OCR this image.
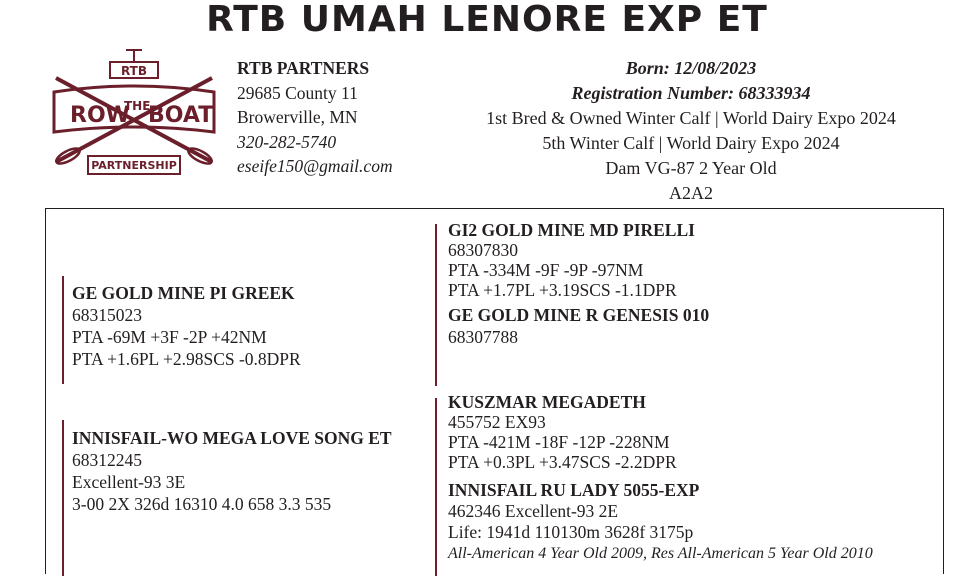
RTB UMAH LENORE EXP ET
RTB
ROW
THE
BOAT
PARTNERSHIP
RTB PARTNERS
29685 County 11
Browerville, MN
320-282-5740
eseife150@gmail.com
Born: 12/08/2023
Registration Number: 68333934
1st Bred & Owned Winter Calf | World Dairy Expo 2024
5th Winter Calf | World Dairy Expo 2024
Dam VG-87 2 Year Old
A2A2
GE GOLD MINE PI GREEK
68315023
PTA -69M +3F -2P +42NM
PTA +1.6PL +2.98SCS -0.8DPR
INNISFAIL-WO MEGA LOVE SONG ET
68312245
Excellent-93 3E
3-00 2X 326d 16310 4.0 658 3.3 535
GI2 GOLD MINE MD PIRELLI
68307830
PTA -334M -9F -9P -97NM
PTA +1.7PL +3.19SCS -1.1DPR
GE GOLD MINE R GENESIS 010
68307788
KUSZMAR MEGADETH
455752 EX93
PTA -421M -18F -12P -228NM
PTA +0.3PL +3.47SCS -2.2DPR
INNISFAIL RU LADY 5055-EXP
462346 Excellent-93 2E
Life: 1941d 110130m 3628f 3175p
All-American 4 Year Old 2009, Res All-American 5 Year Old 2010
